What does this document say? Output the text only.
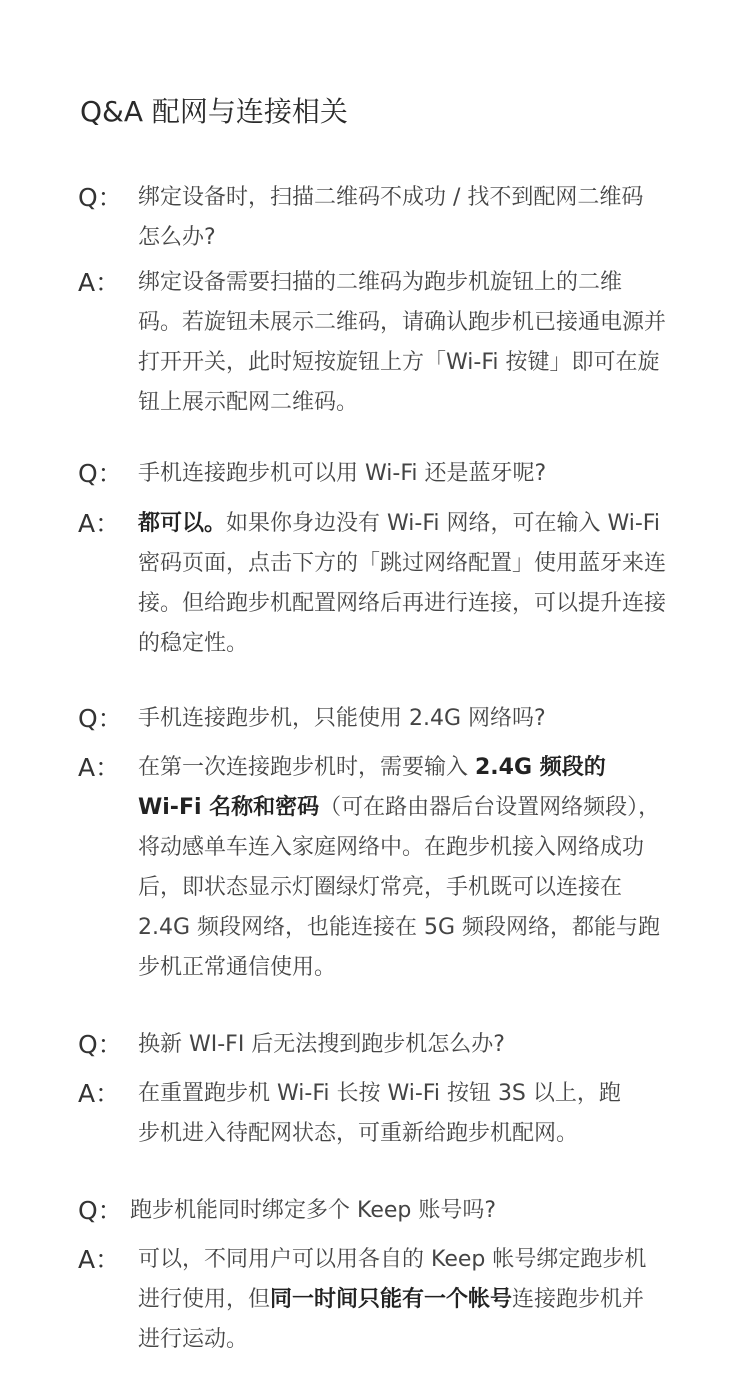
Q&A 配网与连接相关
Q： 绑定设备时，扫描二维码不成功 / 找不到配网二维码
怎么办?
A： 绑定设备需要扫描的二维码为跑步机旋钮上的二维
码。若旋钮未展示二维码，请确认跑步机已接通电源并
打开开关，此时短按旋钮上方「Wi-Fi 按键」即可在旋
钮上展示配网二维码。
Q： 手机连接跑步机可以用 Wi-Fi 还是蓝牙呢?
A： 都可以。如果你身边没有 Wi-Fi 网络，可在输入 Wi-Fi
密码页面，点击下方的「跳过网络配置」使用蓝牙来连
接。但给跑步机配置网络后再进行连接，可以提升连接
的稳定性。
Q： 手机连接跑步机，只能使用 2.4G 网络吗?
A： 在第一次连接跑步机时，需要输入 2.4G 频段的
Wi-Fi 名称和密码（可在路由器后台设置网络频段），
将动感单车连入家庭网络中。在跑步机接入网络成功
后，即状态显示灯圈绿灯常亮，手机既可以连接在
2.4G 频段网络，也能连接在 5G 频段网络，都能与跑
步机正常通信使用。
Q： 换新 WI-FI 后无法搜到跑步机怎么办?
A： 在重置跑步机 Wi-Fi 长按 Wi-Fi 按钮 3S 以上，跑
步机进入待配网状态，可重新给跑步机配网。
Q： 跑步机能同时绑定多个 Keep 账号吗?
A： 可以，不同用户可以用各自的 Keep 帐号绑定跑步机
进行使用，但同一时间只能有一个帐号连接跑步机并
进行运动。
